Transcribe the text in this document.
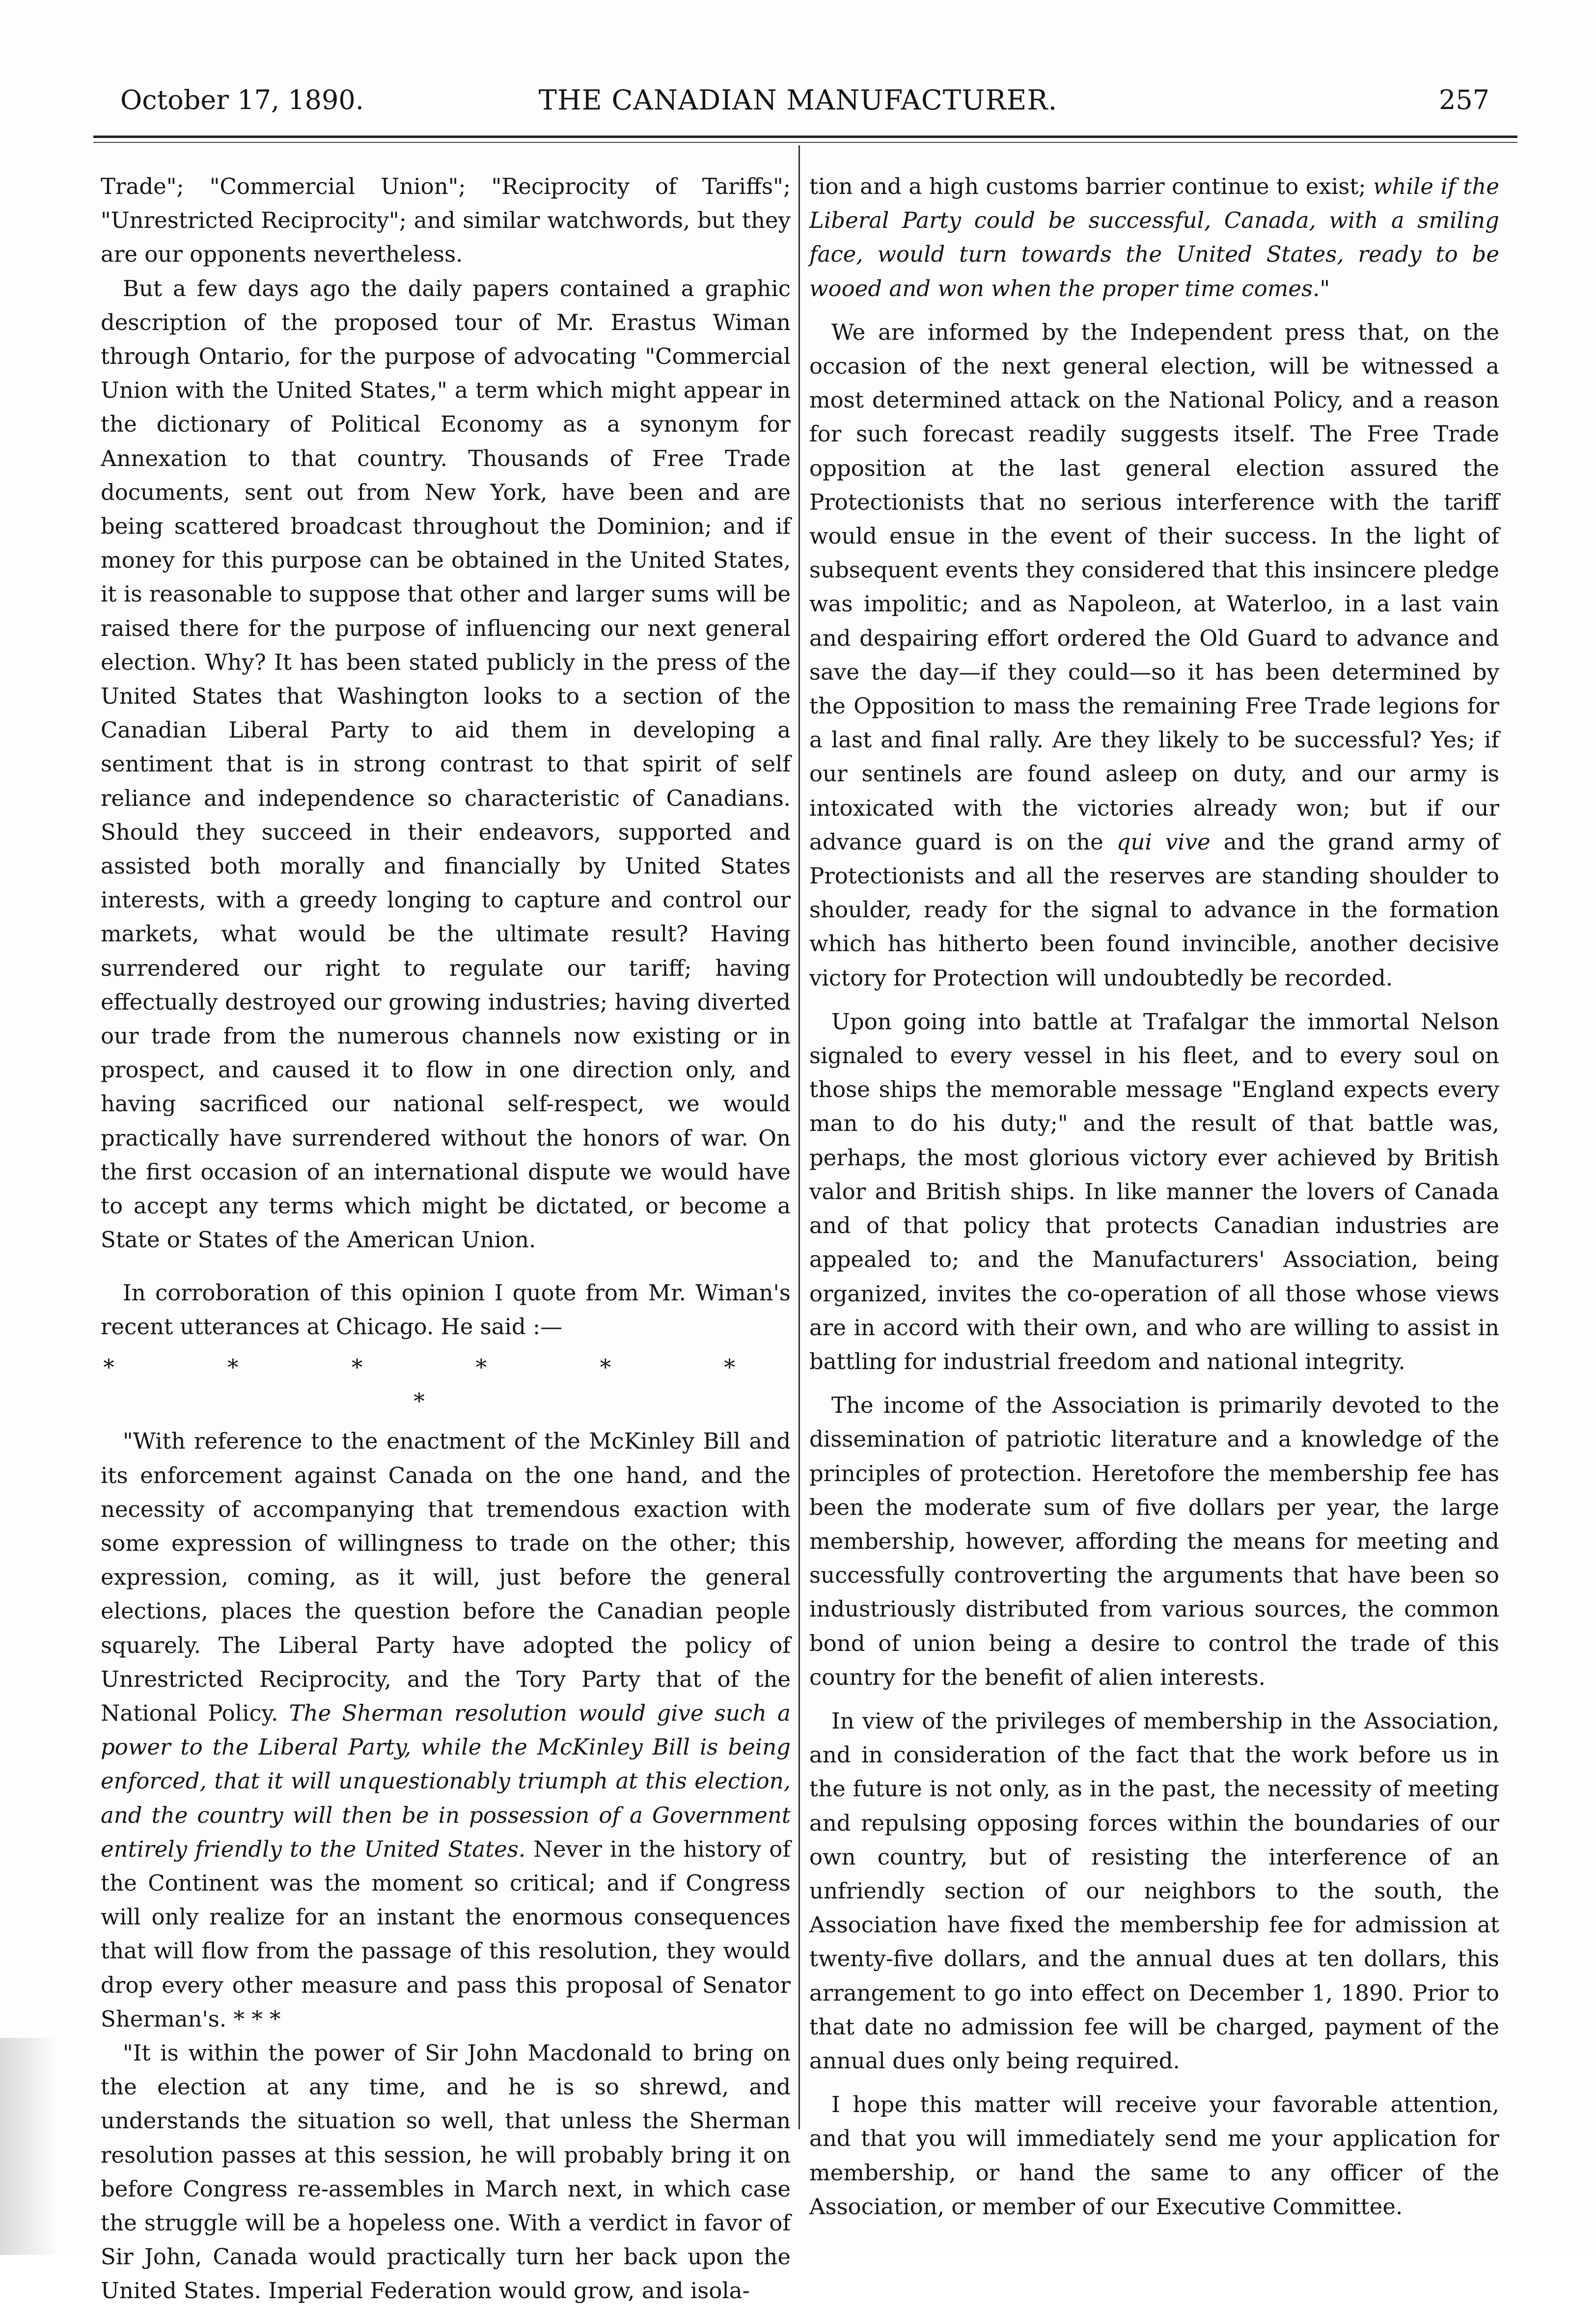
October 17, 1890.	THE CANADIAN MANUFACTURER.	257

Trade"; "Commercial Union"; "Reciprocity of Tariffs"; "Unrestricted Reciprocity"; and similar watchwords, but they are our opponents nevertheless.

But a few days ago the daily papers contained a graphic description of the proposed tour of Mr. Erastus Wiman through Ontario, for the purpose of advocating "Commercial Union with the United States," a term which might appear in the dictionary of Political Economy as a synonym for Annexation to that country. Thousands of Free Trade documents, sent out from New York, have been and are being scattered broadcast throughout the Dominion; and if money for this purpose can be obtained in the United States, it is reasonable to suppose that other and larger sums will be raised there for the purpose of influencing our next general election. Why? It has been stated publicly in the press of the United States that Washington looks to a section of the Canadian Liberal Party to aid them in developing a sentiment that is in strong contrast to that spirit of self reliance and independence so characteristic of Canadians. Should they succeed in their endeavors, supported and assisted both morally and financially by United States interests, with a greedy longing to capture and control our markets, what would be the ultimate result? Having surrendered our right to regulate our tariff; having effectually destroyed our growing industries; having diverted our trade from the numerous channels now existing or in prospect, and caused it to flow in one direction only, and having sacrificed our national self-respect, we would practically have surrendered without the honors of war. On the first occasion of an international dispute we would have to accept any terms which might be dictated, or become a State or States of the American Union.

In corroboration of this opinion I quote from Mr. Wiman's recent utterances at Chicago. He said :—

* * * * * * *

"With reference to the enactment of the McKinley Bill and its enforcement against Canada on the one hand, and the necessity of accompanying that tremendous exaction with some expression of willingness to trade on the other; this expression, coming, as it will, just before the general elections, places the question before the Canadian people squarely. The Liberal Party have adopted the policy of Unrestricted Reciprocity, and the Tory Party that of the National Policy. The Sherman resolution would give such a power to the Liberal Party, while the McKinley Bill is being enforced, that it will unquestionably triumph at this election, and the country will then be in possession of a Government entirely friendly to the United States. Never in the history of the Continent was the moment so critical; and if Congress will only realize for an instant the enormous consequences that will flow from the passage of this resolution, they would drop every other measure and pass this proposal of Senator Sherman's. * * *

"It is within the power of Sir John Macdonald to bring on the election at any time, and he is so shrewd, and understands the situation so well, that unless the Sherman resolution passes at this session, he will probably bring it on before Congress re-assembles in March next, in which case the struggle will be a hopeless one. With a verdict in favor of Sir John, Canada would practically turn her back upon the United States. Imperial Federation would grow, and isola-

tion and a high customs barrier continue to exist; while if the Liberal Party could be successful, Canada, with a smiling face, would turn towards the United States, ready to be wooed and won when the proper time comes."

We are informed by the Independent press that, on the occasion of the next general election, will be witnessed a most determined attack on the National Policy, and a reason for such forecast readily suggests itself. The Free Trade opposition at the last general election assured the Protectionists that no serious interference with the tariff would ensue in the event of their success. In the light of subsequent events they considered that this insincere pledge was impolitic; and as Napoleon, at Waterloo, in a last vain and despairing effort ordered the Old Guard to advance and save the day—if they could—so it has been determined by the Opposition to mass the remaining Free Trade legions for a last and final rally. Are they likely to be successful? Yes; if our sentinels are found asleep on duty, and our army is intoxicated with the victories already won; but if our advance guard is on the qui vive and the grand army of Protectionists and all the reserves are standing shoulder to shoulder, ready for the signal to advance in the formation which has hitherto been found invincible, another decisive victory for Protection will undoubtedly be recorded.

Upon going into battle at Trafalgar the immortal Nelson signaled to every vessel in his fleet, and to every soul on those ships the memorable message "England expects every man to do his duty;" and the result of that battle was, perhaps, the most glorious victory ever achieved by British valor and British ships. In like manner the lovers of Canada and of that policy that protects Canadian industries are appealed to; and the Manufacturers' Association, being organized, invites the co-operation of all those whose views are in accord with their own, and who are willing to assist in battling for industrial freedom and national integrity.

The income of the Association is primarily devoted to the dissemination of patriotic literature and a knowledge of the principles of protection. Heretofore the membership fee has been the moderate sum of five dollars per year, the large membership, however, affording the means for meeting and successfully controverting the arguments that have been so industriously distributed from various sources, the common bond of union being a desire to control the trade of this country for the benefit of alien interests.

In view of the privileges of membership in the Association, and in consideration of the fact that the work before us in the future is not only, as in the past, the necessity of meeting and repulsing opposing forces within the boundaries of our own country, but of resisting the interference of an unfriendly section of our neighbors to the south, the Association have fixed the membership fee for admission at twenty-five dollars, and the annual dues at ten dollars, this arrangement to go into effect on December 1, 1890. Prior to that date no admission fee will be charged, payment of the annual dues only being required.

I hope this matter will receive your favorable attention, and that you will immediately send me your application for membership, or hand the same to any officer of the Association, or member of our Executive Committee.
